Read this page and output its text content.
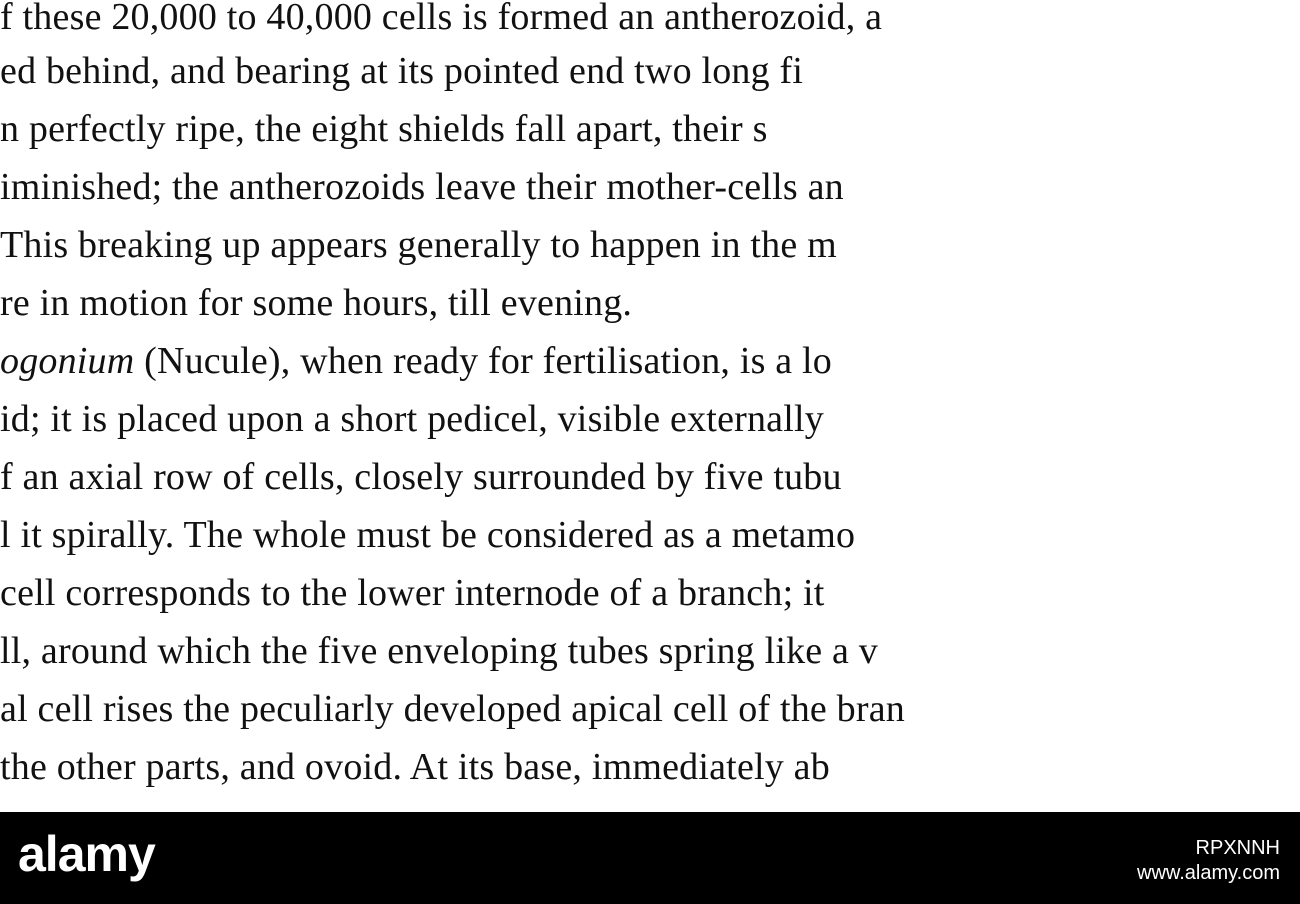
f these 20,000 to 40,000 cells is formed an antherozoid, a
ed behind, and bearing at its pointed end two long fi
n perfectly ripe, the eight shields fall apart, their s
iminished; the antherozoids leave their mother-cells an
This breaking up appears generally to happen in the m
re in motion for some hours, till evening.
ogonium (Nucule), when ready for fertilisation, is a lo
id; it is placed upon a short pedicel, visible externally
f an axial row of cells, closely surrounded by five tubu
l it spirally. The whole must be considered as a metamo
cell corresponds to the lower internode of a branch; it
ll, around which the five enveloping tubes spring like a v
al cell rises the peculiarly developed apical cell of the bran
the other parts, and ovoid. At its base, immediately ab
alamy	RPXNNH
www.alamy.com
